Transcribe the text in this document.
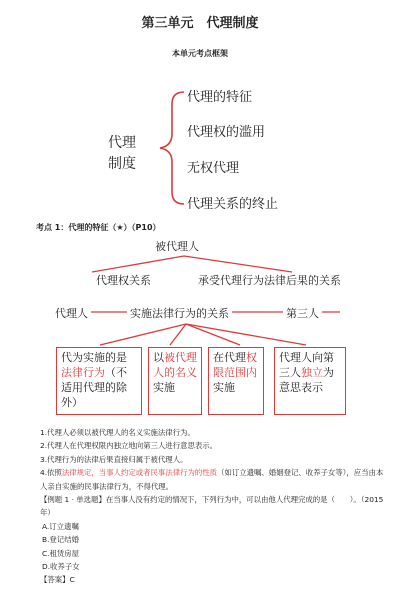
第三单元　代理制度
本单元考点框架
代理
制度
代理的特征
代理权的滥用
无权代理
代理关系的终止
考点 1：代理的特征（★）（P10）
被代理人
代理权关系	承受代理行为法律后果的关系
代理人	实施法律行为的关系	第三人
代为实施的是法律行为（不适用代理的除外）
以被代理人的名义实施
在代理权限范围内实施
代理人向第三人独立为意思表示

1.代理人必须以被代理人的名义实施法律行为。

2.代理人在代理权限内独立地向第三人进行意思表示。

3.代理行为的法律后果直接归属于被代理人。

4.依照法律规定，当事人约定或者民事法律行为的性质（如订立遗嘱、婚姻登记、收养子女等），应当由本人亲自实施的民事法律行为，不得代理。

【例题 1 · 单选题】在当事人没有约定的情况下，下列行为中，可以由他人代理完成的是（　　）。（2015 年）

A.订立遗嘱

B.登记结婚

C.租赁房屋

D.收养子女

【答案】C
